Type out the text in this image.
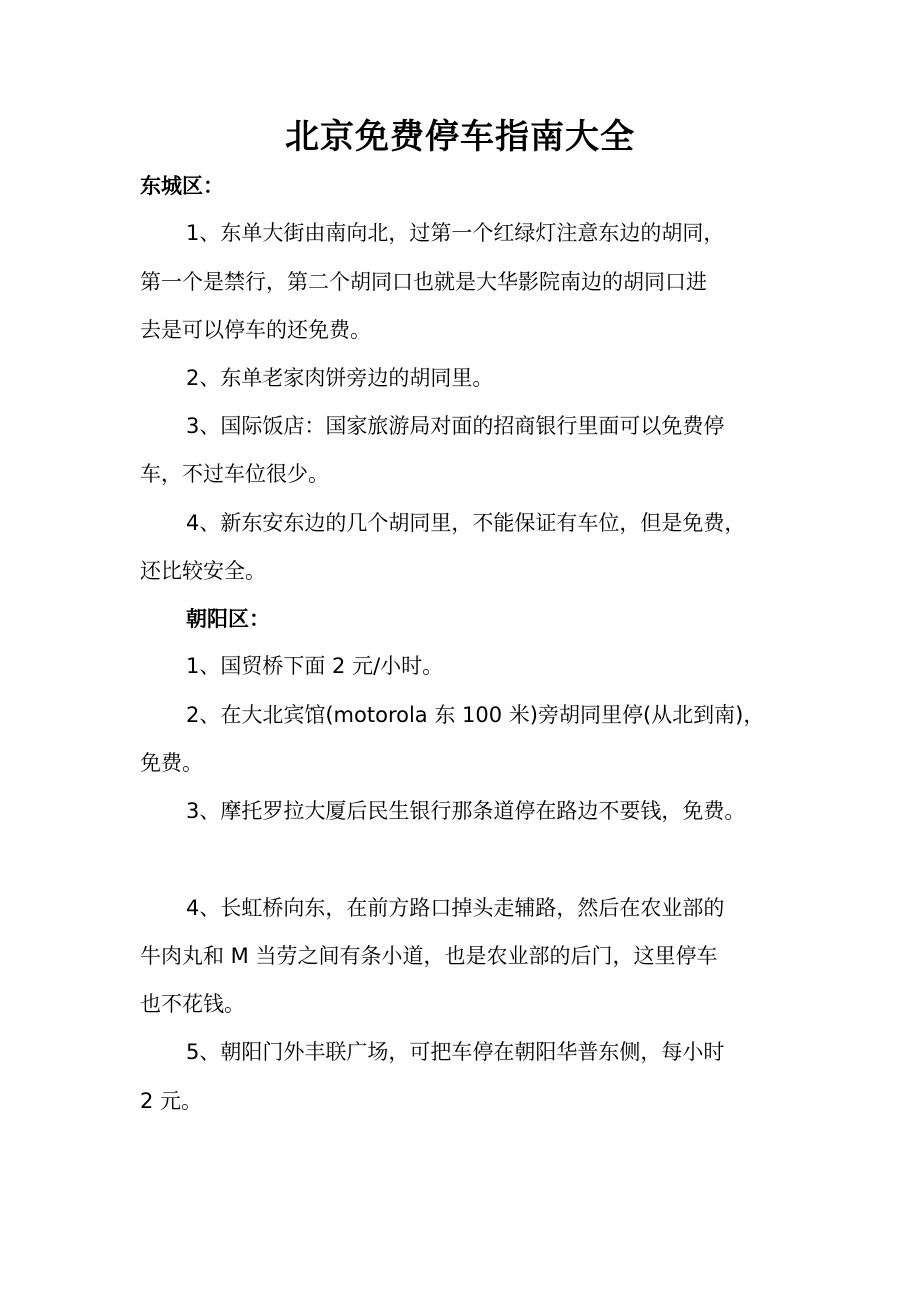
北京免费停车指南大全
东城区：
1、东单大街由南向北，过第一个红绿灯注意东边的胡同，
第一个是禁行，第二个胡同口也就是大华影院南边的胡同口进
去是可以停车的还免费。
2、东单老家肉饼旁边的胡同里。
3、国际饭店：国家旅游局对面的招商银行里面可以免费停
车，不过车位很少。
4、新东安东边的几个胡同里，不能保证有车位，但是免费，
还比较安全。
朝阳区：
1、国贸桥下面 2 元/小时。
2、在大北宾馆(motorola 东 100 米)旁胡同里停(从北到南)，
免费。
3、摩托罗拉大厦后民生银行那条道停在路边不要钱，免费。
4、长虹桥向东，在前方路口掉头走辅路，然后在农业部的
牛肉丸和 M 当劳之间有条小道，也是农业部的后门，这里停车
也不花钱。
5、朝阳门外丰联广场，可把车停在朝阳华普东侧，每小时
2 元。
